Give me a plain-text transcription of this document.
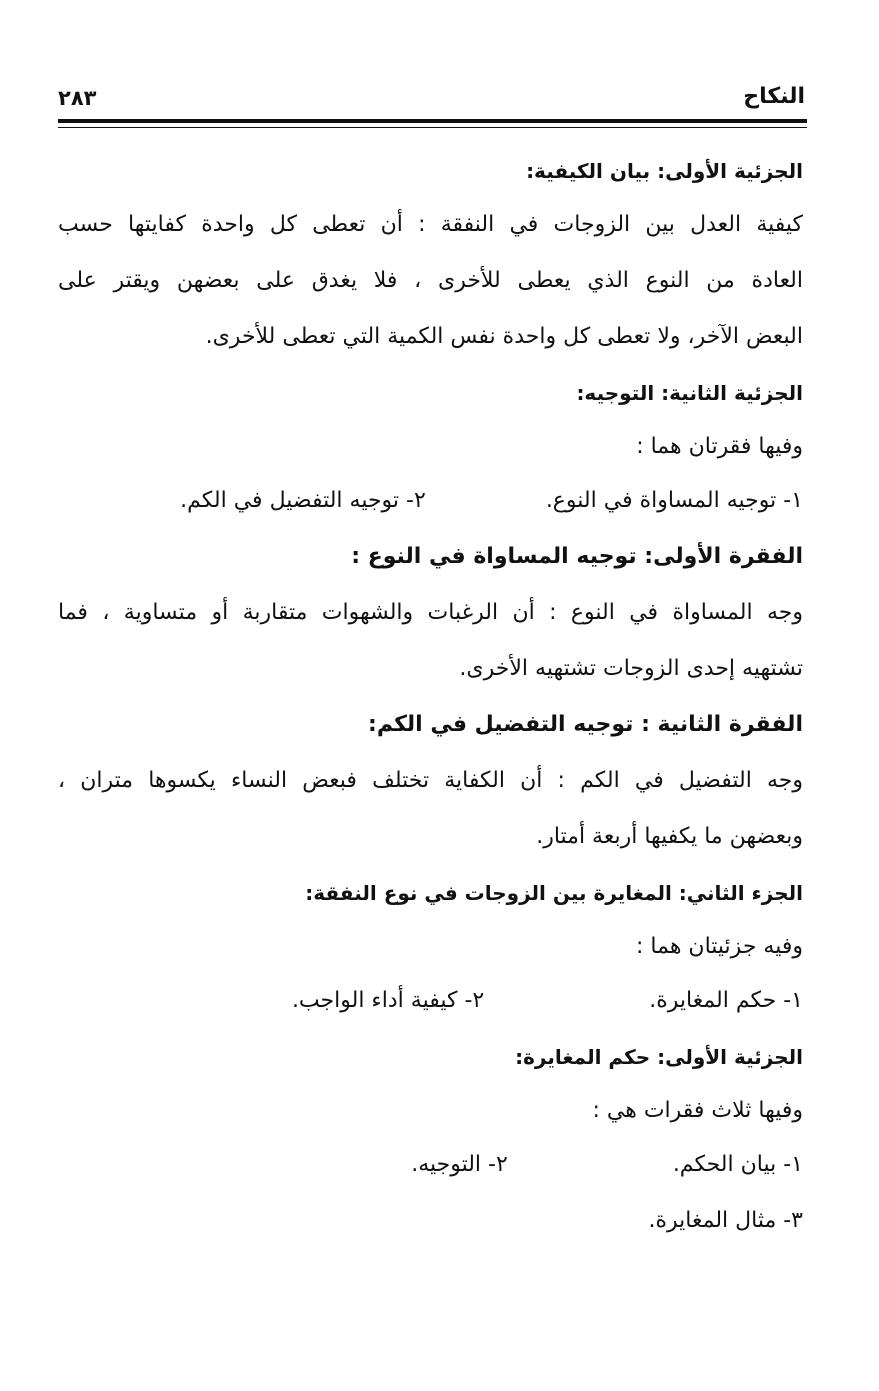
النكاح
٢٨٣
الجزئية الأولى: بيان الكيفية:
كيفية العدل بين الزوجات في النفقة : أن تعطى كل واحدة كفايتها حسب
العادة من النوع الذي يعطى للأخرى ، فلا يغدق على بعضهن ويقتر على
البعض الآخر، ولا تعطى كل واحدة نفس الكمية التي تعطى للأخرى.
الجزئية الثانية: التوجيه:
وفيها فقرتان هما :
١- توجيه المساواة في النوع.٢- توجيه التفضيل في الكم.
الفقرة الأولى: توجيه المساواة في النوع :
وجه المساواة في النوع : أن الرغبات والشهوات متقاربة أو متساوية ، فما
تشتهيه إحدى الزوجات تشتهيه الأخرى.
الفقرة الثانية : توجيه التفضيل في الكم:
وجه التفضيل في الكم : أن الكفاية تختلف فبعض النساء يكسوها متران ،
وبعضهن ما يكفيها أربعة أمتار.
الجزء الثاني: المغايرة بين الزوجات في نوع النفقة:
وفيه جزئيتان هما :
١- حكم المغايرة.٢- كيفية أداء الواجب.
الجزئية الأولى: حكم المغايرة:
وفيها ثلاث فقرات هي :
١- بيان الحكم.٢- التوجيه.
٣- مثال المغايرة.
